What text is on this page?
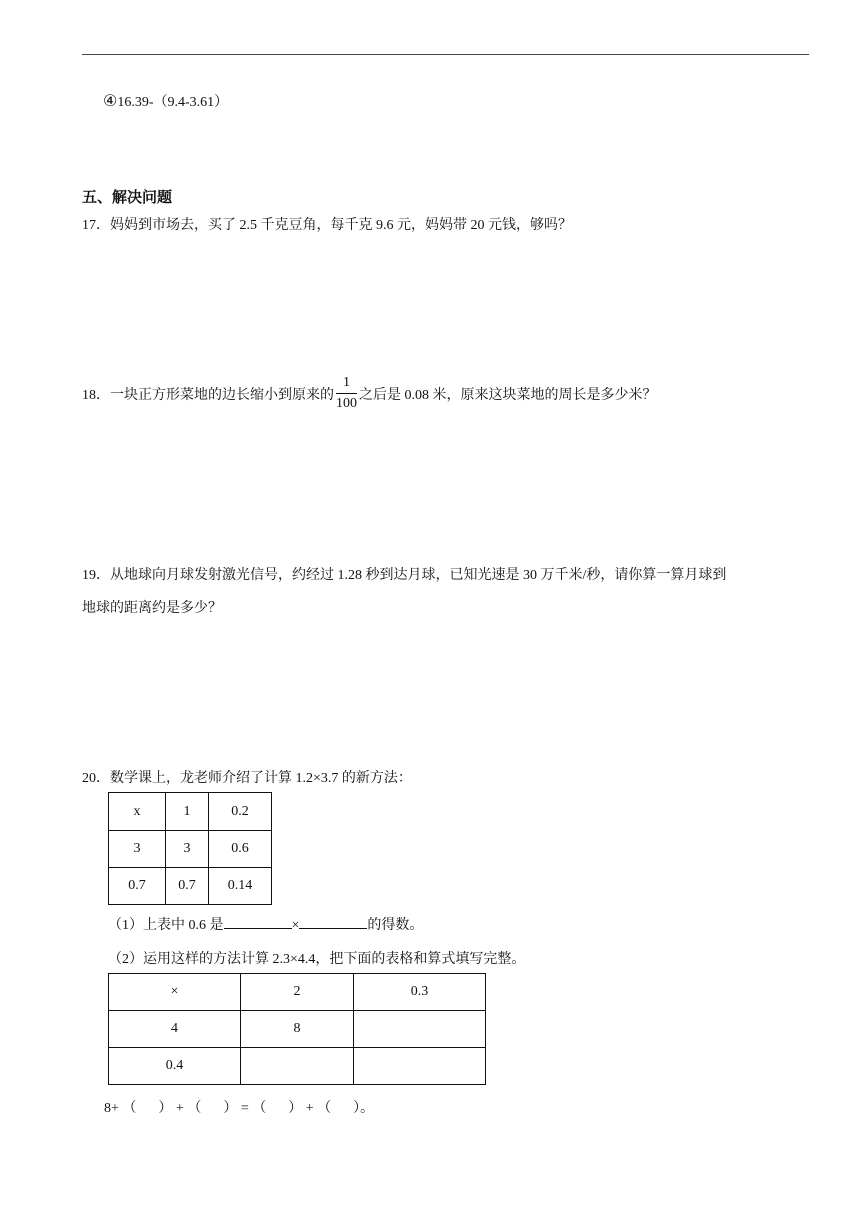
④16.39-（9.4-3.61）
五、解决问题
17．妈妈到市场去，买了 2.5 千克豆角，每千克 9.6 元，妈妈带 20 元钱，够吗？
18． 一块正方形菜地的边长缩小到原来的 $\frac{1}{100}$ 之后是 0.08 米，原来这块菜地的周长是多少米？
19．从地球向月球发射激光信号，约经过 1.28 秒到达月球，已知光速是 30 万千米/秒，请你算一算月球到
地球的距离约是多少？
20．数学课上，龙老师介绍了计算 1.2×3.7 的新方法：
x	1	0.2
3	3	0.6
0.7	0.7	0.14
（1）上表中 0.6 是	×	的得数。
（2）运用这样的方法计算 2.3×4.4，把下面的表格和算式填写完整。
×	2	0.3
4	8	
0.4		
8+ （ ） + （ ） = （ ） + （ ）。
